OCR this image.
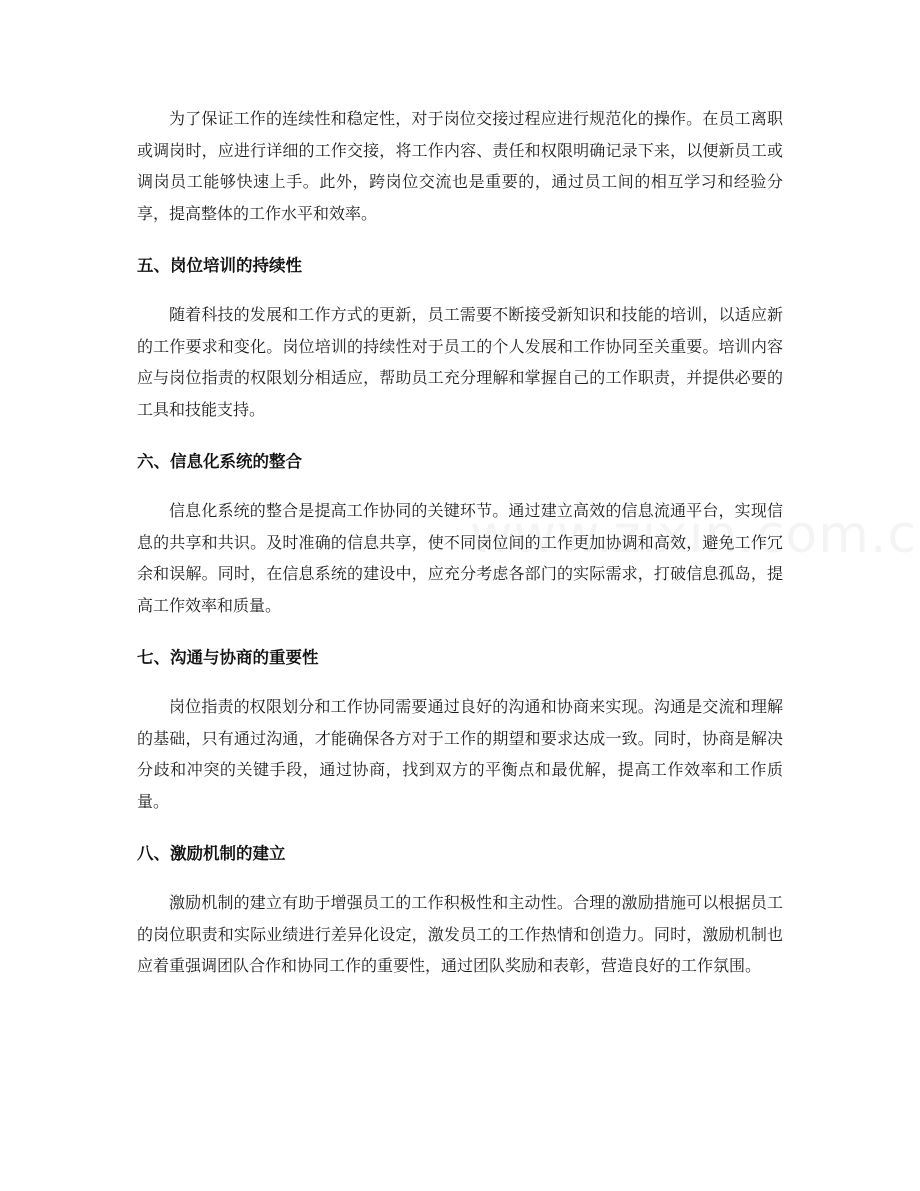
为了保证工作的连续性和稳定性，对于岗位交接过程应进行规范化的操作。在员工离职或调岗时，应进行详细的工作交接，将工作内容、责任和权限明确记录下来，以便新员工或调岗员工能够快速上手。此外，跨岗位交流也是重要的，通过员工间的相互学习和经验分享，提高整体的工作水平和效率。

五、岗位培训的持续性

随着科技的发展和工作方式的更新，员工需要不断接受新知识和技能的培训，以适应新的工作要求和变化。岗位培训的持续性对于员工的个人发展和工作协同至关重要。培训内容应与岗位指责的权限划分相适应，帮助员工充分理解和掌握自己的工作职责，并提供必要的工具和技能支持。

六、信息化系统的整合

信息化系统的整合是提高工作协同的关键环节。通过建立高效的信息流通平台，实现信息的共享和共识。及时准确的信息共享，使不同岗位间的工作更加协调和高效，避免工作冗余和误解。同时，在信息系统的建设中，应充分考虑各部门的实际需求，打破信息孤岛，提高工作效率和质量。

七、沟通与协商的重要性

岗位指责的权限划分和工作协同需要通过良好的沟通和协商来实现。沟通是交流和理解的基础，只有通过沟通，才能确保各方对于工作的期望和要求达成一致。同时，协商是解决分歧和冲突的关键手段，通过协商，找到双方的平衡点和最优解，提高工作效率和工作质量。

八、激励机制的建立

激励机制的建立有助于增强员工的工作积极性和主动性。合理的激励措施可以根据员工的岗位职责和实际业绩进行差异化设定，激发员工的工作热情和创造力。同时，激励机制也应着重强调团队合作和协同工作的重要性，通过团队奖励和表彰，营造良好的工作氛围。
